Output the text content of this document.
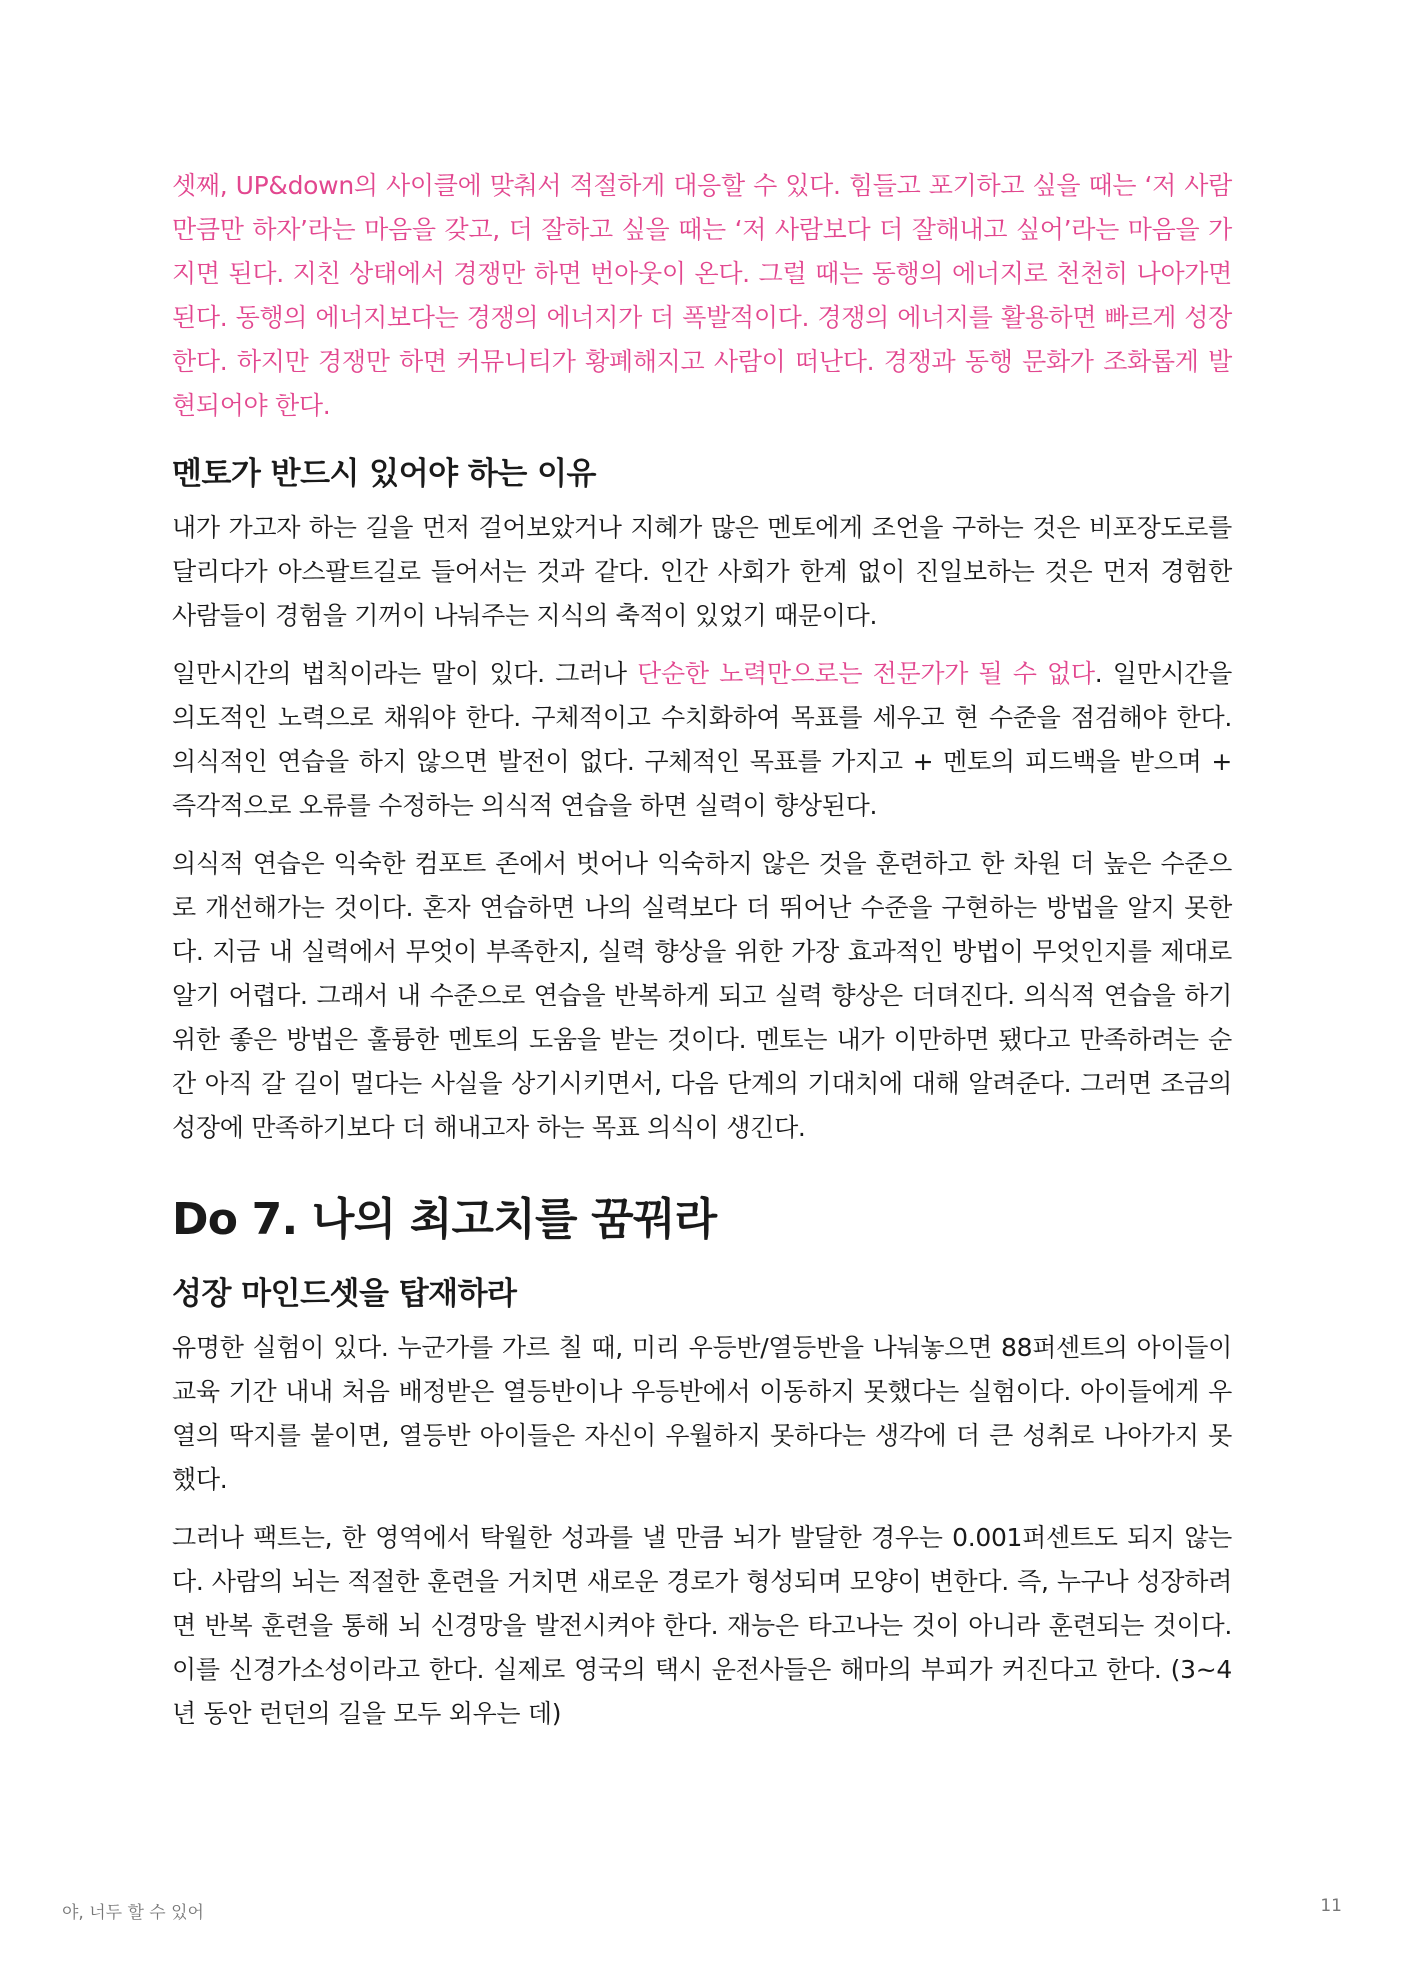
셋째, UP&down의 사이클에 맞춰서 적절하게 대응할 수 있다. 힘들고 포기하고 싶을 때는 ‘저 사람만큼만 하자’라는 마음을 갖고, 더 잘하고 싶을 때는 ‘저 사람보다 더 잘해내고 싶어’라는 마음을 가지면 된다. 지친 상태에서 경쟁만 하면 번아웃이 온다. 그럴 때는 동행의 에너지로 천천히 나아가면 된다. 동행의 에너지보다는 경쟁의 에너지가 더 폭발적이다. 경쟁의 에너지를 활용하면 빠르게 성장한다. 하지만 경쟁만 하면 커뮤니티가 황폐해지고 사람이 떠난다. 경쟁과 동행 문화가 조화롭게 발현되어야 한다.

멘토가 반드시 있어야 하는 이유

내가 가고자 하는 길을 먼저 걸어보았거나 지혜가 많은 멘토에게 조언을 구하는 것은 비포장도로를 달리다가 아스팔트길로 들어서는 것과 같다. 인간 사회가 한계 없이 진일보하는 것은 먼저 경험한 사람들이 경험을 기꺼이 나눠주는 지식의 축적이 있었기 때문이다.

일만시간의 법칙이라는 말이 있다. 그러나 단순한 노력만으로는 전문가가 될 수 없다. 일만시간을 의도적인 노력으로 채워야 한다. 구체적이고 수치화하여 목표를 세우고 현 수준을 점검해야 한다. 의식적인 연습을 하지 않으면 발전이 없다. 구체적인 목표를 가지고 + 멘토의 피드백을 받으며 + 즉각적으로 오류를 수정하는 의식적 연습을 하면 실력이 향상된다.

의식적 연습은 익숙한 컴포트 존에서 벗어나 익숙하지 않은 것을 훈련하고 한 차원 더 높은 수준으로 개선해가는 것이다. 혼자 연습하면 나의 실력보다 더 뛰어난 수준을 구현하는 방법을 알지 못한다. 지금 내 실력에서 무엇이 부족한지, 실력 향상을 위한 가장 효과적인 방법이 무엇인지를 제대로 알기 어렵다. 그래서 내 수준으로 연습을 반복하게 되고 실력 향상은 더뎌진다. 의식적 연습을 하기 위한 좋은 방법은 훌륭한 멘토의 도움을 받는 것이다. 멘토는 내가 이만하면 됐다고 만족하려는 순간 아직 갈 길이 멀다는 사실을 상기시키면서, 다음 단계의 기대치에 대해 알려준다. 그러면 조금의 성장에 만족하기보다 더 해내고자 하는 목표 의식이 생긴다.

Do 7. 나의 최고치를 꿈꿔라
성장 마인드셋을 탑재하라

유명한 실험이 있다. 누군가를 가르 칠 때, 미리 우등반/열등반을 나눠놓으면 88퍼센트의 아이들이 교육 기간 내내 처음 배정받은 열등반이나 우등반에서 이동하지 못했다는 실험이다. 아이들에게 우열의 딱지를 붙이면, 열등반 아이들은 자신이 우월하지 못하다는 생각에 더 큰 성취로 나아가지 못했다.

그러나 팩트는, 한 영역에서 탁월한 성과를 낼 만큼 뇌가 발달한 경우는 0.001퍼센트도 되지 않는다. 사람의 뇌는 적절한 훈련을 거치면 새로운 경로가 형성되며 모양이 변한다. 즉, 누구나 성장하려면 반복 훈련을 통해 뇌 신경망을 발전시켜야 한다. 재능은 타고나는 것이 아니라 훈련되는 것이다. 이를 신경가소성이라고 한다. 실제로 영국의 택시 운전사들은 해마의 부피가 커진다고 한다. (3~4년 동안 런던의 길을 모두 외우는 데)

야, 너두 할 수 있어	11
